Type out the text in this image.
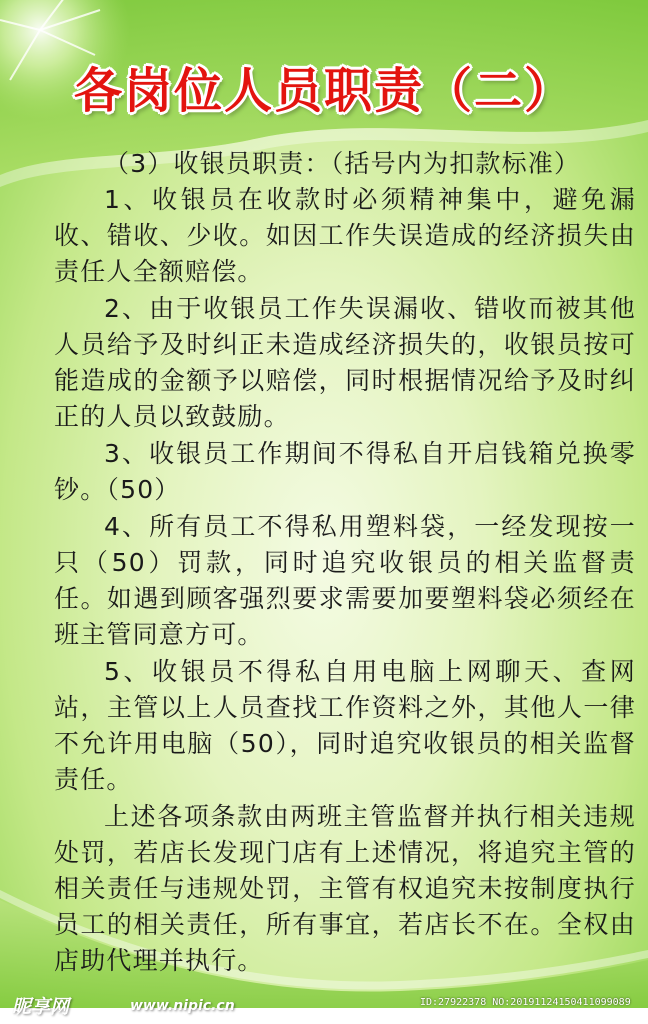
各岗位人员职责（二）

（3）收银员职责：（括号内为扣款标准）

1、收银员在收款时必须精神集中，避免漏收、错收、少收。如因工作失误造成的经济损失由责任人全额赔偿。

2、由于收银员工作失误漏收、错收而被其他人员给予及时纠正未造成经济损失的，收银员按可能造成的金额予以赔偿，同时根据情况给予及时纠正的人员以致鼓励。

3、收银员工作期间不得私自开启钱箱兑换零钞。（50）

4、所有员工不得私用塑料袋，一经发现按一只（50）罚款，同时追究收银员的相关监督责任。如遇到顾客强烈要求需要加要塑料袋必须经在班主管同意方可。

5、收银员不得私自用电脑上网聊天、查网站，主管以上人员查找工作资料之外，其他人一律不允许用电脑（50），同时追究收银员的相关监督责任。

上述各项条款由两班主管监督并执行相关违规处罚，若店长发现门店有上述情况，将追究主管的相关责任与违规处罚，主管有权追究未按制度执行员工的相关责任，所有事宜，若店长不在。全权由店助代理并执行。

昵享网	www.nipic.cn	ID:27922378 NO:20191124150411099089
